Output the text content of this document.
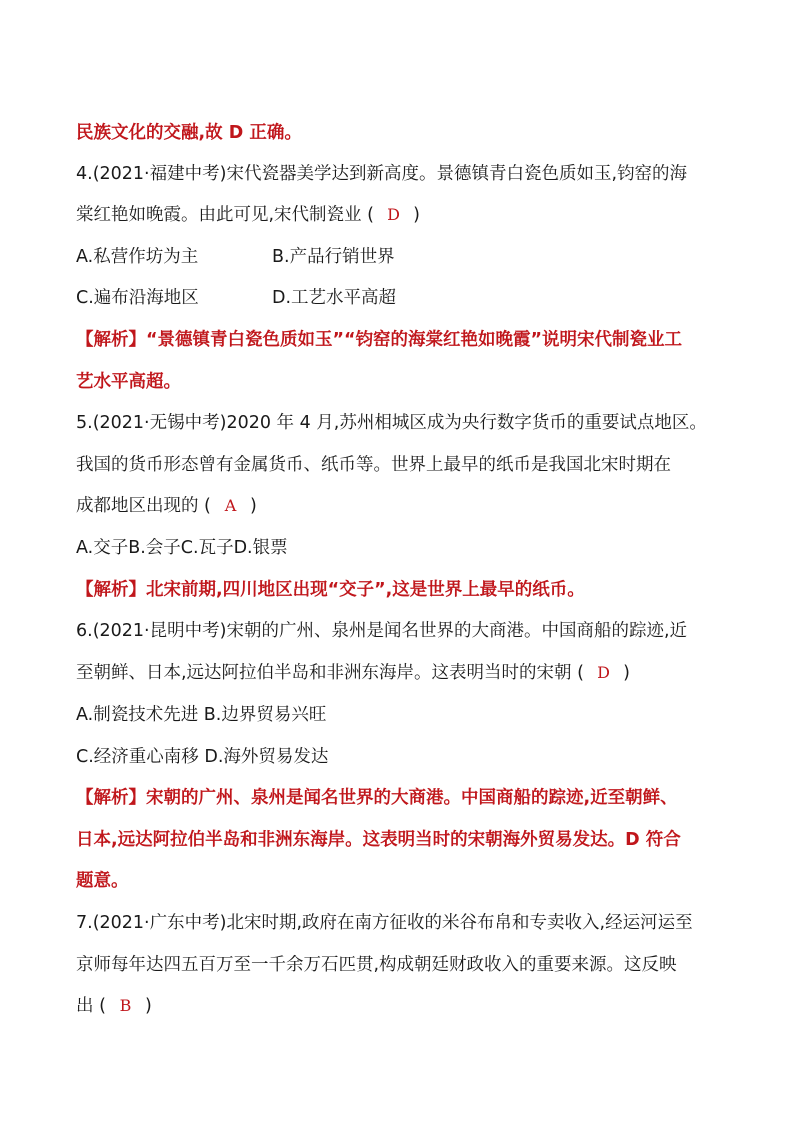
民族文化的交融,故 D 正确。
4.(2021·福建中考)宋代瓷器美学达到新高度。景德镇青白瓷色质如玉,钧窑的海
棠红艳如晚霞。由此可见,宋代制瓷业 ( D )
A.私营作坊为主	B.产品行销世界
C.遍布沿海地区	D.工艺水平高超
【解析】“景德镇青白瓷色质如玉”“钧窑的海棠红艳如晚霞”说明宋代制瓷业工
艺水平高超。
5.(2021·无锡中考)2020 年 4 月,苏州相城区成为央行数字货币的重要试点地区。
我国的货币形态曾有金属货币、纸币等。世界上最早的纸币是我国北宋时期在
成都地区出现的 ( A )
A.交子B.会子C.瓦子D.银票
【解析】北宋前期,四川地区出现“交子”,这是世界上最早的纸币。
6.(2021·昆明中考)宋朝的广州、泉州是闻名世界的大商港。中国商船的踪迹,近
至朝鲜、日本,远达阿拉伯半岛和非洲东海岸。这表明当时的宋朝 ( D )
A.制瓷技术先进 B.边界贸易兴旺
C.经济重心南移 D.海外贸易发达
【解析】宋朝的广州、泉州是闻名世界的大商港。中国商船的踪迹,近至朝鲜、
日本,远达阿拉伯半岛和非洲东海岸。这表明当时的宋朝海外贸易发达。D 符合
题意。
7.(2021·广东中考)北宋时期,政府在南方征收的米谷布帛和专卖收入,经运河运至
京师每年达四五百万至一千余万石匹贯,构成朝廷财政收入的重要来源。这反映
出 ( B )
